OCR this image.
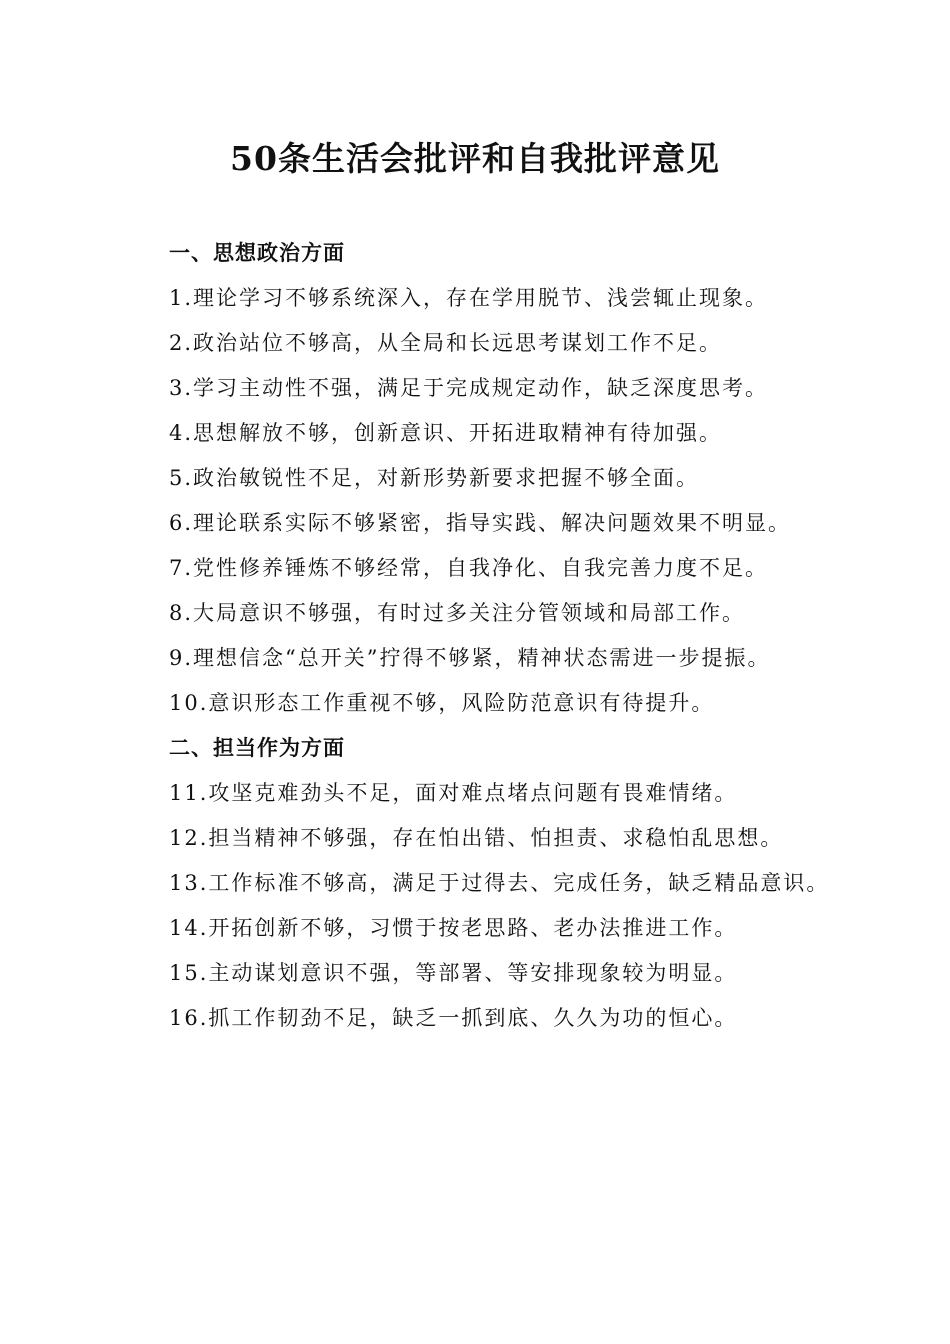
50条生活会批评和自我批评意见

一、思想政治方面

1.理论学习不够系统深入，存在学用脱节、浅尝辄止现象。

2.政治站位不够高，从全局和长远思考谋划工作不足。

3.学习主动性不强，满足于完成规定动作，缺乏深度思考。

4.思想解放不够，创新意识、开拓进取精神有待加强。

5.政治敏锐性不足，对新形势新要求把握不够全面。

6.理论联系实际不够紧密，指导实践、解决问题效果不明显。

7.党性修养锤炼不够经常，自我净化、自我完善力度不足。

8.大局意识不够强，有时过多关注分管领域和局部工作。

9.理想信念“总开关”拧得不够紧，精神状态需进一步提振。

10.意识形态工作重视不够，风险防范意识有待提升。

二、担当作为方面

11.攻坚克难劲头不足，面对难点堵点问题有畏难情绪。

12.担当精神不够强，存在怕出错、怕担责、求稳怕乱思想。

13.工作标准不够高，满足于过得去、完成任务，缺乏精品意识。

14.开拓创新不够，习惯于按老思路、老办法推进工作。

15.主动谋划意识不强，等部署、等安排现象较为明显。

16.抓工作韧劲不足，缺乏一抓到底、久久为功的恒心。
